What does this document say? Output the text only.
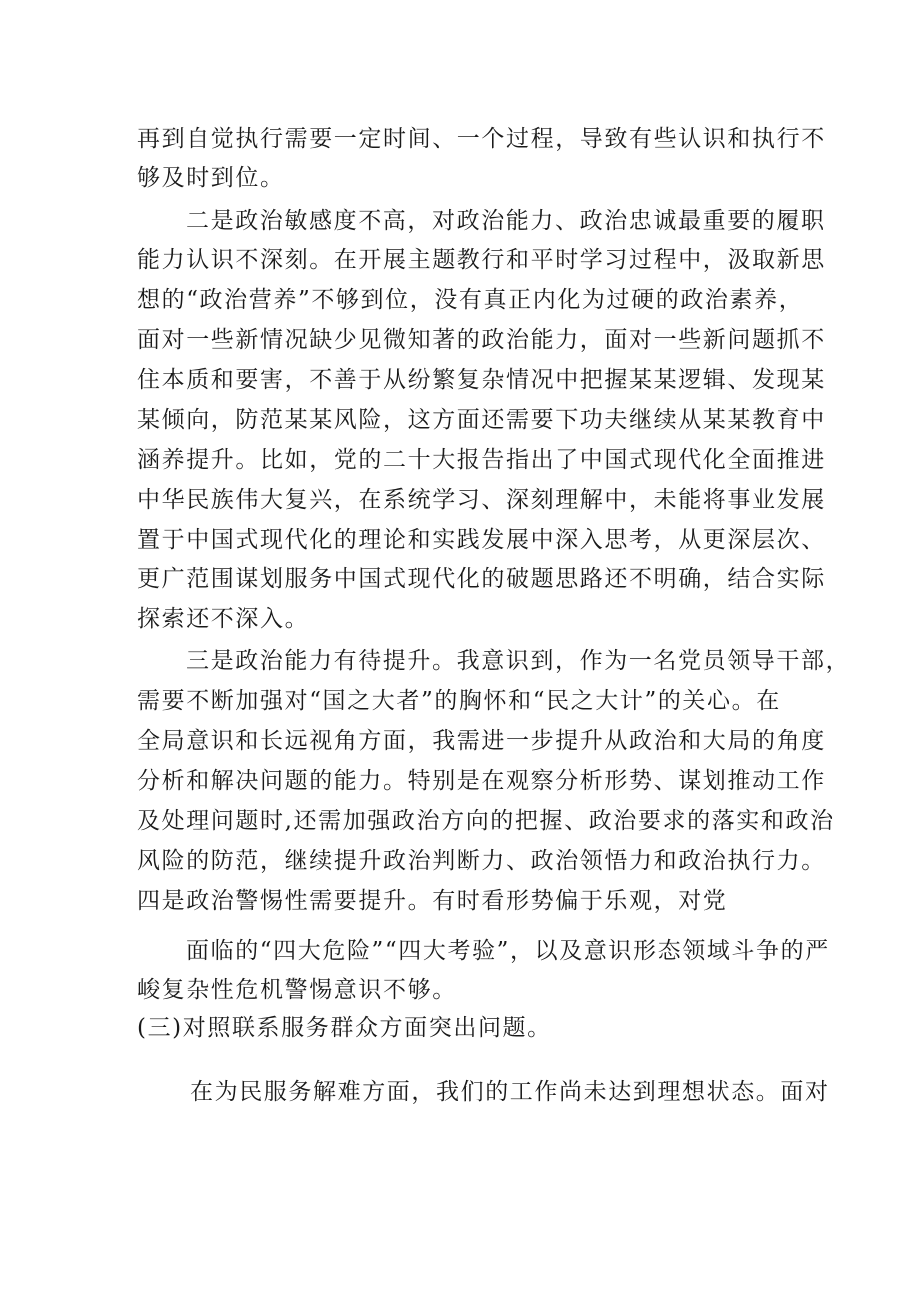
再到自觉执行需要一定时间、一个过程，导致有些认识和执行不

够及时到位。

二是政治敏感度不高，对政治能力、政治忠诚最重要的履职

能力认识不深刻。在开展主题教行和平时学习过程中，汲取新思

想的“政治营养”不够到位，没有真正内化为过硬的政治素养，

面对一些新情况缺少见微知著的政治能力，面对一些新问题抓不

住本质和要害，不善于从纷繁复杂情况中把握某某逻辑、发现某

某倾向，防范某某风险，这方面还需要下功夫继续从某某教育中

涵养提升。比如，党的二十大报告指出了中国式现代化全面推进

中华民族伟大复兴，在系统学习、深刻理解中，未能将事业发展

置于中国式现代化的理论和实践发展中深入思考，从更深层次、

更广范围谋划服务中国式现代化的破题思路还不明确，结合实际

探索还不深入。

三是政治能力有待提升。我意识到，作为一名党员领导干部，

需要不断加强对“国之大者”的胸怀和“民之大计”的关心。在

全局意识和长远视角方面，我需进一步提升从政治和大局的角度

分析和解决问题的能力。特别是在观察分析形势、谋划推动工作

及处理问题时,还需加强政治方向的把握、政治要求的落实和政治

风险的防范，继续提升政治判断力、政治领悟力和政治执行力。

四是政治警惕性需要提升。有时看形势偏于乐观，对党

面临的“四大危险”“四大考验”，以及意识形态领域斗争的严

峻复杂性危机警惕意识不够。

(三)对照联系服务群众方面突出问题。

在为民服务解难方面，我们的工作尚未达到理想状态。面对
